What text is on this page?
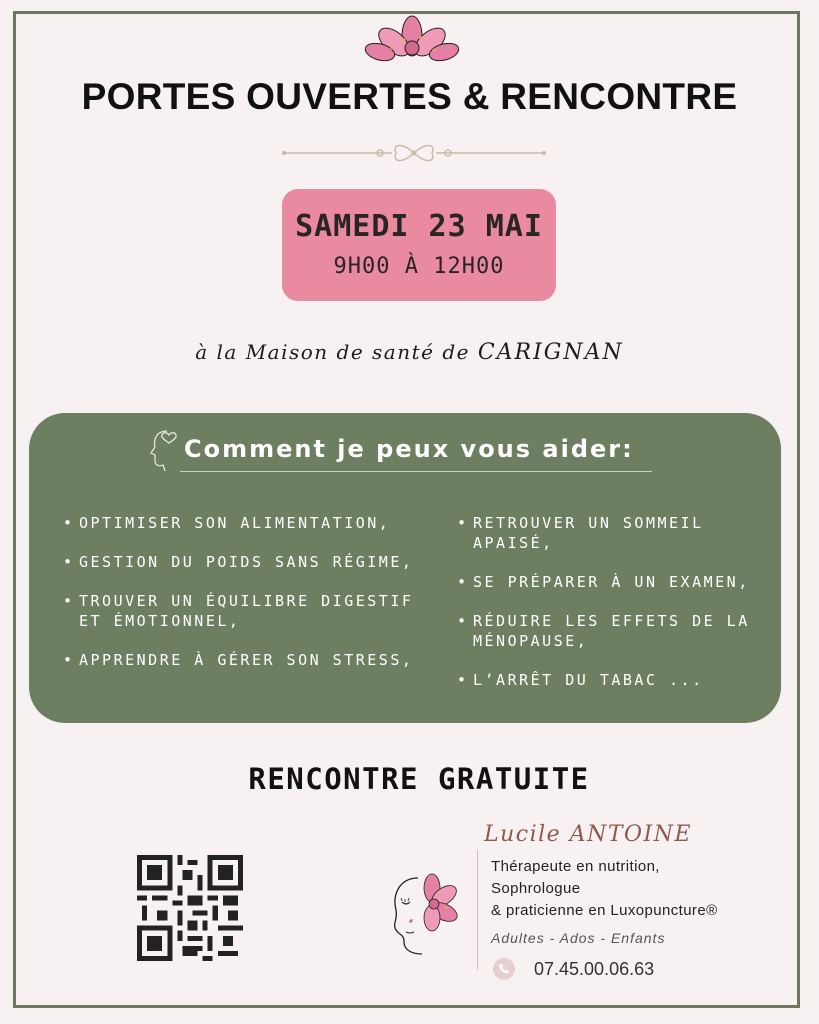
PORTES OUVERTES & RENCONTRE
SAMEDI 23 MAI
9H00 À 12H00
à la Maison de santé de CARIGNAN
Comment je peux vous aider:
• OPTIMISER SON ALIMENTATION,
• GESTION DU POIDS SANS RÉGIME,
• TROUVER UN ÉQUILIBRE DIGESTIF ET ÉMOTIONNEL,
• APPRENDRE À GÉRER SON STRESS,
• RETROUVER UN SOMMEIL APAISÉ,
• SE PRÉPARER À UN EXAMEN,
• RÉDUIRE LES EFFETS DE LA MÉNOPAUSE,
• L’ARRÊT DU TABAC ...
RENCONTRE GRATUITE
Lucile ANTOINE
Thérapeute en nutrition,
Sophrologue
& praticienne en Luxopuncture®
Adultes - Ados - Enfants
07.45.00.06.63
